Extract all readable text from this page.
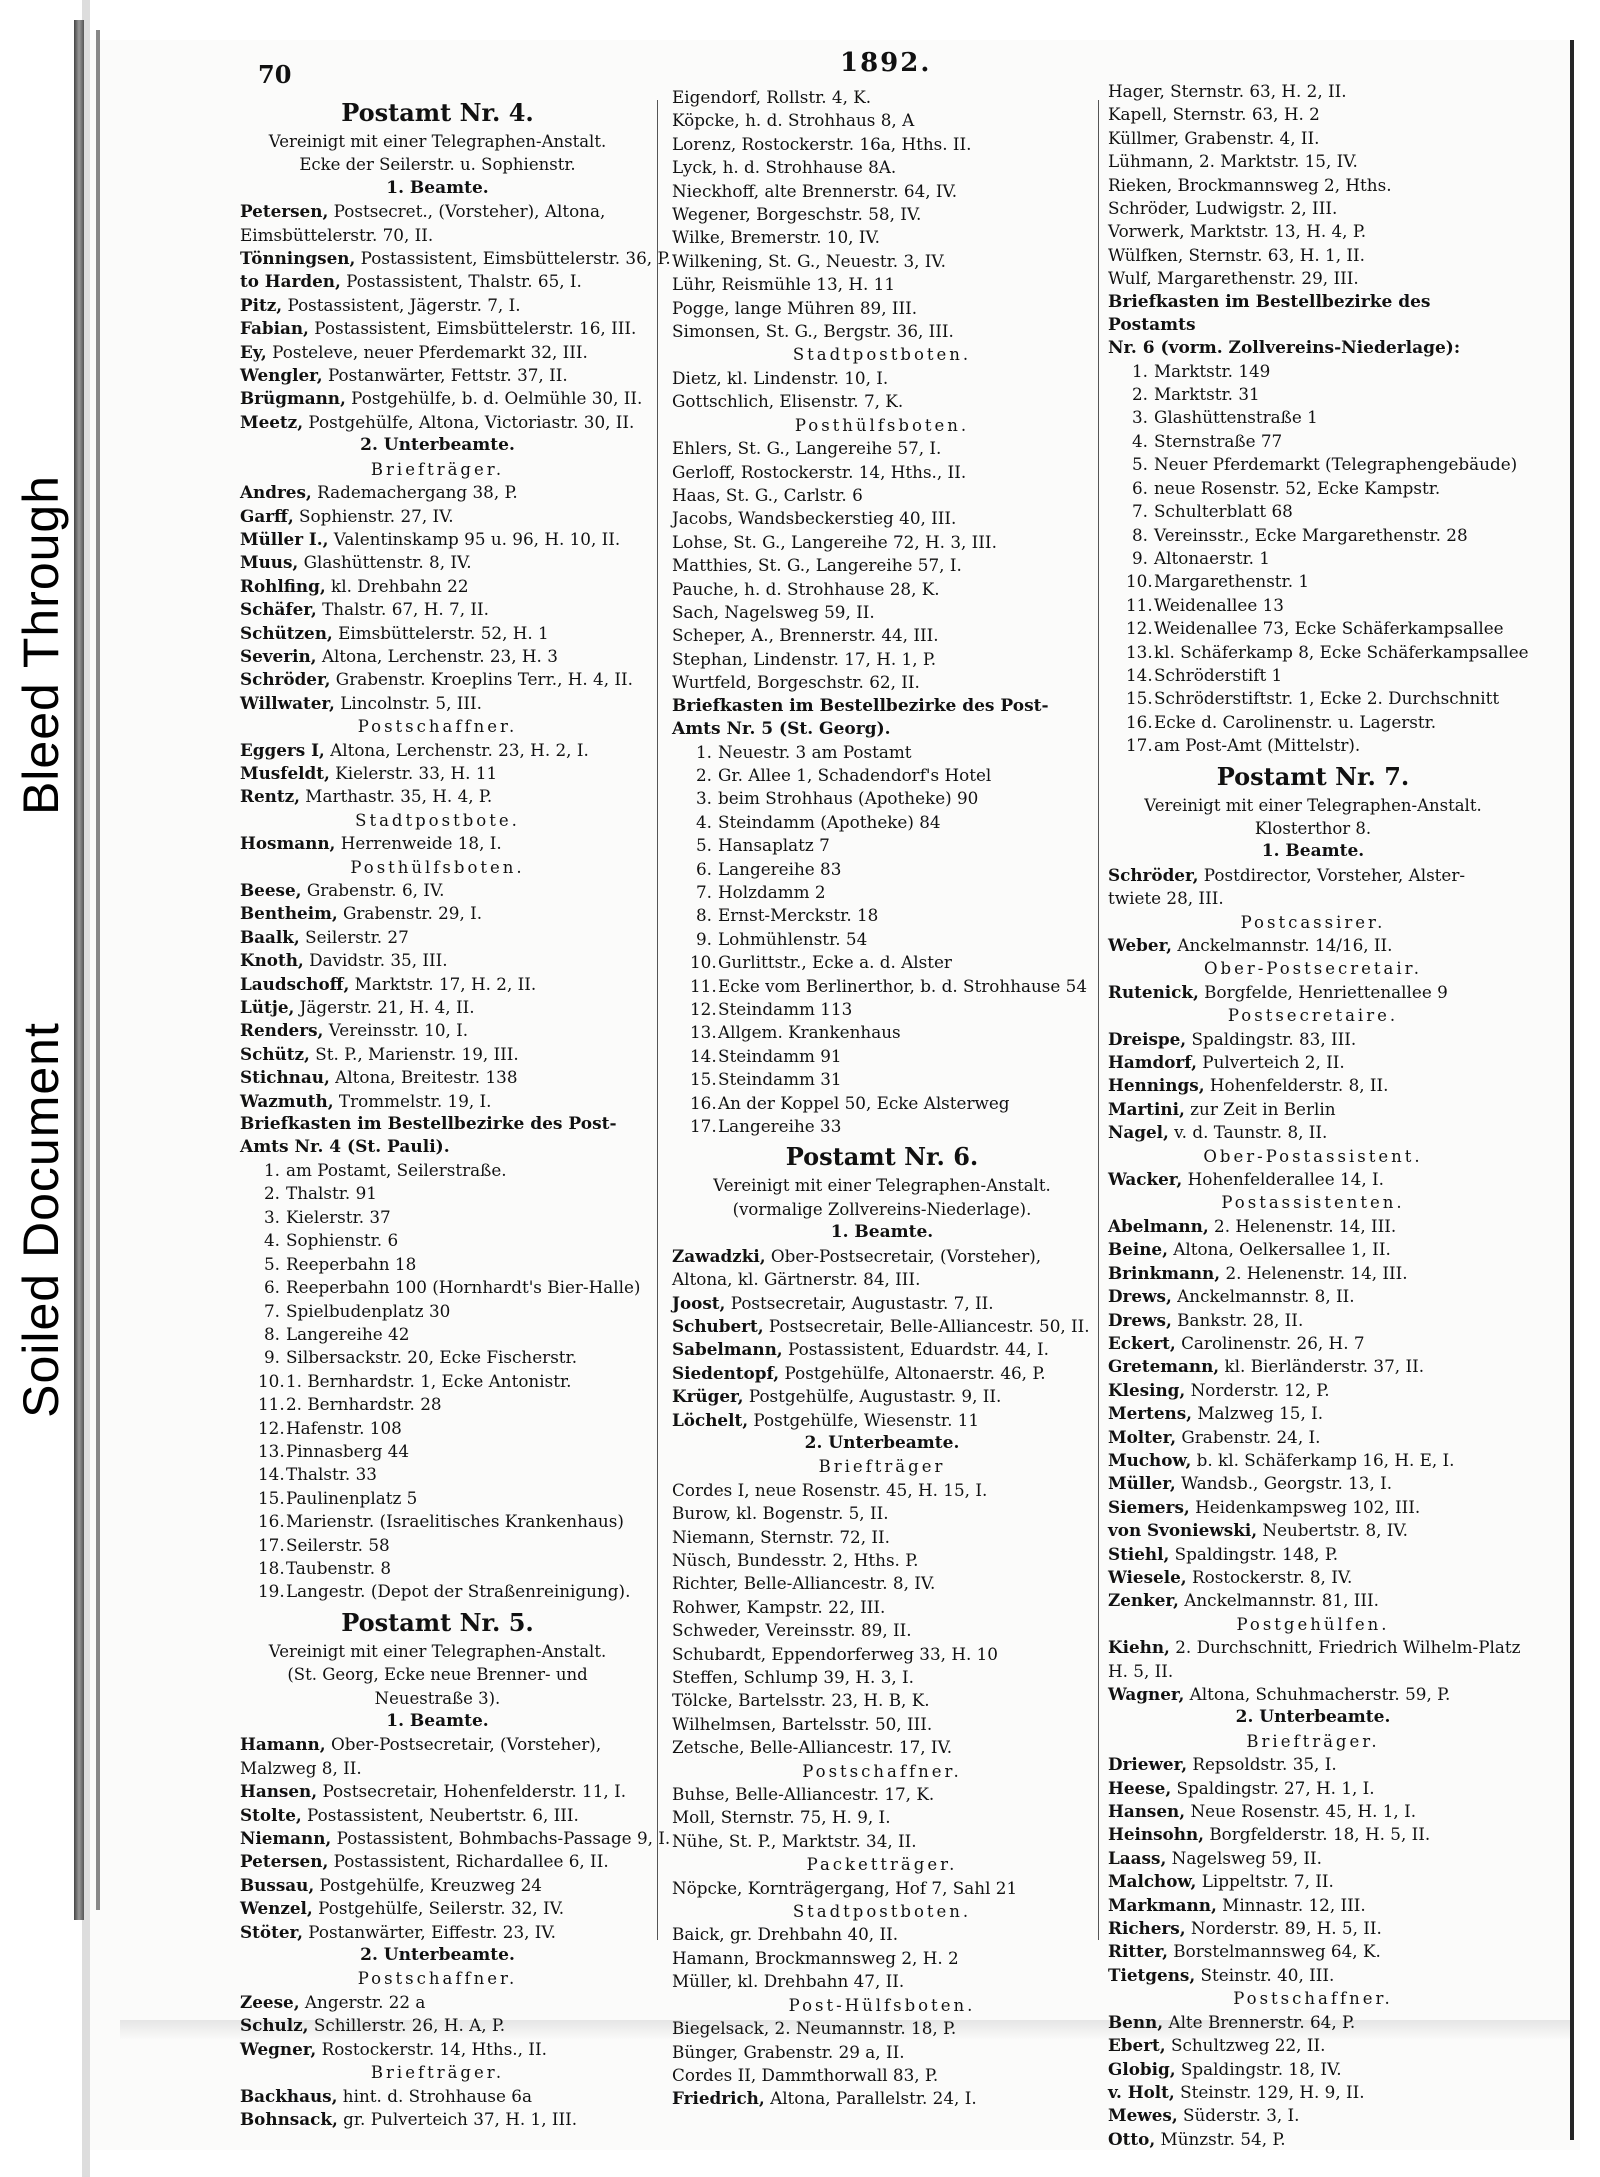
Bleed Through
Soiled Document
70	1892.
Postamt Nr. 4.
Vereinigt mit einer Telegraphen-Anstalt.
Ecke der Seilerstr. u. Sophienstr.
1. Beamte.
Petersen, Postsecret., (Vorsteher), Altona,
Eimsbüttelerstr. 70, II.
Tönningsen, Postassistent, Eimsbüttelerstr. 36, P.
to Harden, Postassistent, Thalstr. 65, I.
Pitz, Postassistent, Jägerstr. 7, I.
Fabian, Postassistent, Eimsbüttelerstr. 16, III.
Ey, Posteleve, neuer Pferdemarkt 32, III.
Wengler, Postanwärter, Fettstr. 37, II.
Brügmann, Postgehülfe, b. d. Oelmühle 30, II.
Meetz, Postgehülfe, Altona, Victoriastr. 30, II.
2. Unterbeamte.
Briefträger.
Andres, Rademachergang 38, P.
Garff, Sophienstr. 27, IV.
Müller I., Valentinskamp 95 u. 96, H. 10, II.
Muus, Glashüttenstr. 8, IV.
Rohlfing, kl. Drehbahn 22
Schäfer, Thalstr. 67, H. 7, II.
Schützen, Eimsbüttelerstr. 52, H. 1
Severin, Altona, Lerchenstr. 23, H. 3
Schröder, Grabenstr. Kroeplins Terr., H. 4, II.
Willwater, Lincolnstr. 5, III.
Postschaffner.
Eggers I, Altona, Lerchenstr. 23, H. 2, I.
Musfeldt, Kielerstr. 33, H. 11
Rentz, Marthastr. 35, H. 4, P.
Stadtpostbote.
Hosmann, Herrenweide 18, I.
Posthülfsboten.
Beese, Grabenstr. 6, IV.
Bentheim, Grabenstr. 29, I.
Baalk, Seilerstr. 27
Knoth, Davidstr. 35, III.
Laudschoff, Marktstr. 17, H. 2, II.
Lütje, Jägerstr. 21, H. 4, II.
Renders, Vereinsstr. 10, I.
Schütz, St. P., Marienstr. 19, III.
Stichnau, Altona, Breitestr. 138
Wazmuth, Trommelstr. 19, I.
Briefkasten im Bestellbezirke des Post-
Amts Nr. 4 (St. Pauli).
1. am Postamt, Seilerstraße.
2. Thalstr. 91
3. Kielerstr. 37
4. Sophienstr. 6
5. Reeperbahn 18
6. Reeperbahn 100 (Hornhardt's Bier-Halle)
7. Spielbudenplatz 30
8. Langereihe 42
9. Silbersackstr. 20, Ecke Fischerstr.
10.1. Bernhardstr. 1, Ecke Antonistr.
11.2. Bernhardstr. 28
12.Hafenstr. 108
13.Pinnasberg 44
14.Thalstr. 33
15.Paulinenplatz 5
16.Marienstr. (Israelitisches Krankenhaus)
17.Seilerstr. 58
18.Taubenstr. 8
19.Langestr. (Depot der Straßenreinigung).
Postamt Nr. 5.
Vereinigt mit einer Telegraphen-Anstalt.
(St. Georg, Ecke neue Brenner- und
Neuestraße 3).
1. Beamte.
Hamann, Ober-Postsecretair, (Vorsteher),
Malzweg 8, II.
Hansen, Postsecretair, Hohenfelderstr. 11, I.
Stolte, Postassistent, Neubertstr. 6, III.
Niemann, Postassistent, Bohmbachs-Passage 9, I.
Petersen, Postassistent, Richardallee 6, II.
Bussau, Postgehülfe, Kreuzweg 24
Wenzel, Postgehülfe, Seilerstr. 32, IV.
Stöter, Postanwärter, Eiffestr. 23, IV.
2. Unterbeamte.
Postschaffner.
Zeese, Angerstr. 22 a
Schulz, Schillerstr. 26, H. A, P.
Wegner, Rostockerstr. 14, Hths., II.
Briefträger.
Backhaus, hint. d. Strohhause 6a
Bohnsack, gr. Pulverteich 37, H. 1, III.
Eigendorf, Rollstr. 4, K.
Köpcke, h. d. Strohhaus 8, A
Lorenz, Rostockerstr. 16a, Hths. II.
Lyck, h. d. Strohhause 8A.
Nieckhoff, alte Brennerstr. 64, IV.
Wegener, Borgeschstr. 58, IV.
Wilke, Bremerstr. 10, IV.
Wilkening, St. G., Neuestr. 3, IV.
Lühr, Reismühle 13, H. 11
Pogge, lange Mühren 89, III.
Simonsen, St. G., Bergstr. 36, III.
Stadtpostboten.
Dietz, kl. Lindenstr. 10, I.
Gottschlich, Elisenstr. 7, K.
Posthülfsboten.
Ehlers, St. G., Langereihe 57, I.
Gerloff, Rostockerstr. 14, Hths., II.
Haas, St. G., Carlstr. 6
Jacobs, Wandsbeckerstieg 40, III.
Lohse, St. G., Langereihe 72, H. 3, III.
Matthies, St. G., Langereihe 57, I.
Pauche, h. d. Strohhause 28, K.
Sach, Nagelsweg 59, II.
Scheper, A., Brennerstr. 44, III.
Stephan, Lindenstr. 17, H. 1, P.
Wurtfeld, Borgeschstr. 62, II.
Briefkasten im Bestellbezirke des Post-
Amts Nr. 5 (St. Georg).
1. Neuestr. 3 am Postamt
2. Gr. Allee 1, Schadendorf's Hotel
3. beim Strohhaus (Apotheke) 90
4. Steindamm (Apotheke) 84
5. Hansaplatz 7
6. Langereihe 83
7. Holzdamm 2
8. Ernst-Merckstr. 18
9. Lohmühlenstr. 54
10.Gurlittstr., Ecke a. d. Alster
11.Ecke vom Berlinerthor, b. d. Strohhause 54
12.Steindamm 113
13.Allgem. Krankenhaus
14.Steindamm 91
15.Steindamm 31
16.An der Koppel 50, Ecke Alsterweg
17.Langereihe 33
Postamt Nr. 6.
Vereinigt mit einer Telegraphen-Anstalt.
(vormalige Zollvereins-Niederlage).
1. Beamte.
Zawadzki, Ober-Postsecretair, (Vorsteher),
Altona, kl. Gärtnerstr. 84, III.
Joost, Postsecretair, Augustastr. 7, II.
Schubert, Postsecretair, Belle-Alliancestr. 50, II.
Sabelmann, Postassistent, Eduardstr. 44, I.
Siedentopf, Postgehülfe, Altonaerstr. 46, P.
Krüger, Postgehülfe, Augustastr. 9, II.
Löchelt, Postgehülfe, Wiesenstr. 11
2. Unterbeamte.
Briefträger
Cordes I, neue Rosenstr. 45, H. 15, I.
Burow, kl. Bogenstr. 5, II.
Niemann, Sternstr. 72, II.
Nüsch, Bundesstr. 2, Hths. P.
Richter, Belle-Alliancestr. 8, IV.
Rohwer, Kampstr. 22, III.
Schweder, Vereinsstr. 89, II.
Schubardt, Eppendorferweg 33, H. 10
Steffen, Schlump 39, H. 3, I.
Tölcke, Bartelsstr. 23, H. B, K.
Wilhelmsen, Bartelsstr. 50, III.
Zetsche, Belle-Alliancestr. 17, IV.
Postschaffner.
Buhse, Belle-Alliancestr. 17, K.
Moll, Sternstr. 75, H. 9, I.
Nühe, St. P., Marktstr. 34, II.
Packetträger.
Nöpcke, Kornträgergang, Hof 7, Sahl 21
Stadtpostboten.
Baick, gr. Drehbahn 40, II.
Hamann, Brockmannsweg 2, H. 2
Müller, kl. Drehbahn 47, II.
Post-Hülfsboten.
Biegelsack, 2. Neumannstr. 18, P.
Bünger, Grabenstr. 29 a, II.
Cordes II, Dammthorwall 83, P.
Friedrich, Altona, Parallelstr. 24, I.
Hager, Sternstr. 63, H. 2, II.
Kapell, Sternstr. 63, H. 2
Küllmer, Grabenstr. 4, II.
Lühmann, 2. Marktstr. 15, IV.
Rieken, Brockmannsweg 2, Hths.
Schröder, Ludwigstr. 2, III.
Vorwerk, Marktstr. 13, H. 4, P.
Wülfken, Sternstr. 63, H. 1, II.
Wulf, Margarethenstr. 29, III.
Briefkasten im Bestellbezirke des Postamts
Nr. 6 (vorm. Zollvereins-Niederlage):
1. Marktstr. 149
2. Marktstr. 31
3. Glashüttenstraße 1
4. Sternstraße 77
5. Neuer Pferdemarkt (Telegraphengebäude)
6. neue Rosenstr. 52, Ecke Kampstr.
7. Schulterblatt 68
8. Vereinsstr., Ecke Margarethenstr. 28
9. Altonaerstr. 1
10.Margarethenstr. 1
11.Weidenallee 13
12.Weidenallee 73, Ecke Schäferkampsallee
13.kl. Schäferkamp 8, Ecke Schäferkampsallee
14.Schröderstift 1
15.Schröderstiftstr. 1, Ecke 2. Durchschnitt
16.Ecke d. Carolinenstr. u. Lagerstr.
17.am Post-Amt (Mittelstr).
Postamt Nr. 7.
Vereinigt mit einer Telegraphen-Anstalt.
Klosterthor 8.
1. Beamte.
Schröder, Postdirector, Vorsteher, Alster-
twiete 28, III.
Postcassirer.
Weber, Anckelmannstr. 14/16, II.
Ober-Postsecretair.
Rutenick, Borgfelde, Henriettenallee 9
Postsecretaire.
Dreispe, Spaldingstr. 83, III.
Hamdorf, Pulverteich 2, II.
Hennings, Hohenfelderstr. 8, II.
Martini, zur Zeit in Berlin
Nagel, v. d. Taunstr. 8, II.
Ober-Postassistent.
Wacker, Hohenfelderallee 14, I.
Postassistenten.
Abelmann, 2. Helenenstr. 14, III.
Beine, Altona, Oelkersallee 1, II.
Brinkmann, 2. Helenenstr. 14, III.
Drews, Anckelmannstr. 8, II.
Drews, Bankstr. 28, II.
Eckert, Carolinenstr. 26, H. 7
Gretemann, kl. Bierländerstr. 37, II.
Klesing, Norderstr. 12, P.
Mertens, Malzweg 15, I.
Molter, Grabenstr. 24, I.
Muchow, b. kl. Schäferkamp 16, H. E, I.
Müller, Wandsb., Georgstr. 13, I.
Siemers, Heidenkampsweg 102, III.
von Svoniewski, Neubertstr. 8, IV.
Stiehl, Spaldingstr. 148, P.
Wiesele, Rostockerstr. 8, IV.
Zenker, Anckelmannstr. 81, III.
Postgehülfen.
Kiehn, 2. Durchschnitt, Friedrich Wilhelm-Platz
H. 5, II.
Wagner, Altona, Schuhmacherstr. 59, P.
2. Unterbeamte.
Briefträger.
Driewer, Repsoldstr. 35, I.
Heese, Spaldingstr. 27, H. 1, I.
Hansen, Neue Rosenstr. 45, H. 1, I.
Heinsohn, Borgfelderstr. 18, H. 5, II.
Laass, Nagelsweg 59, II.
Malchow, Lippeltstr. 7, II.
Markmann, Minnastr. 12, III.
Richers, Norderstr. 89, H. 5, II.
Ritter, Borstelmannsweg 64, K.
Tietgens, Steinstr. 40, III.
Postschaffner.
Benn, Alte Brennerstr. 64, P.
Ebert, Schultzweg 22, II.
Globig, Spaldingstr. 18, IV.
v. Holt, Steinstr. 129, H. 9, II.
Mewes, Süderstr. 3, I.
Otto, Münzstr. 54, P.
